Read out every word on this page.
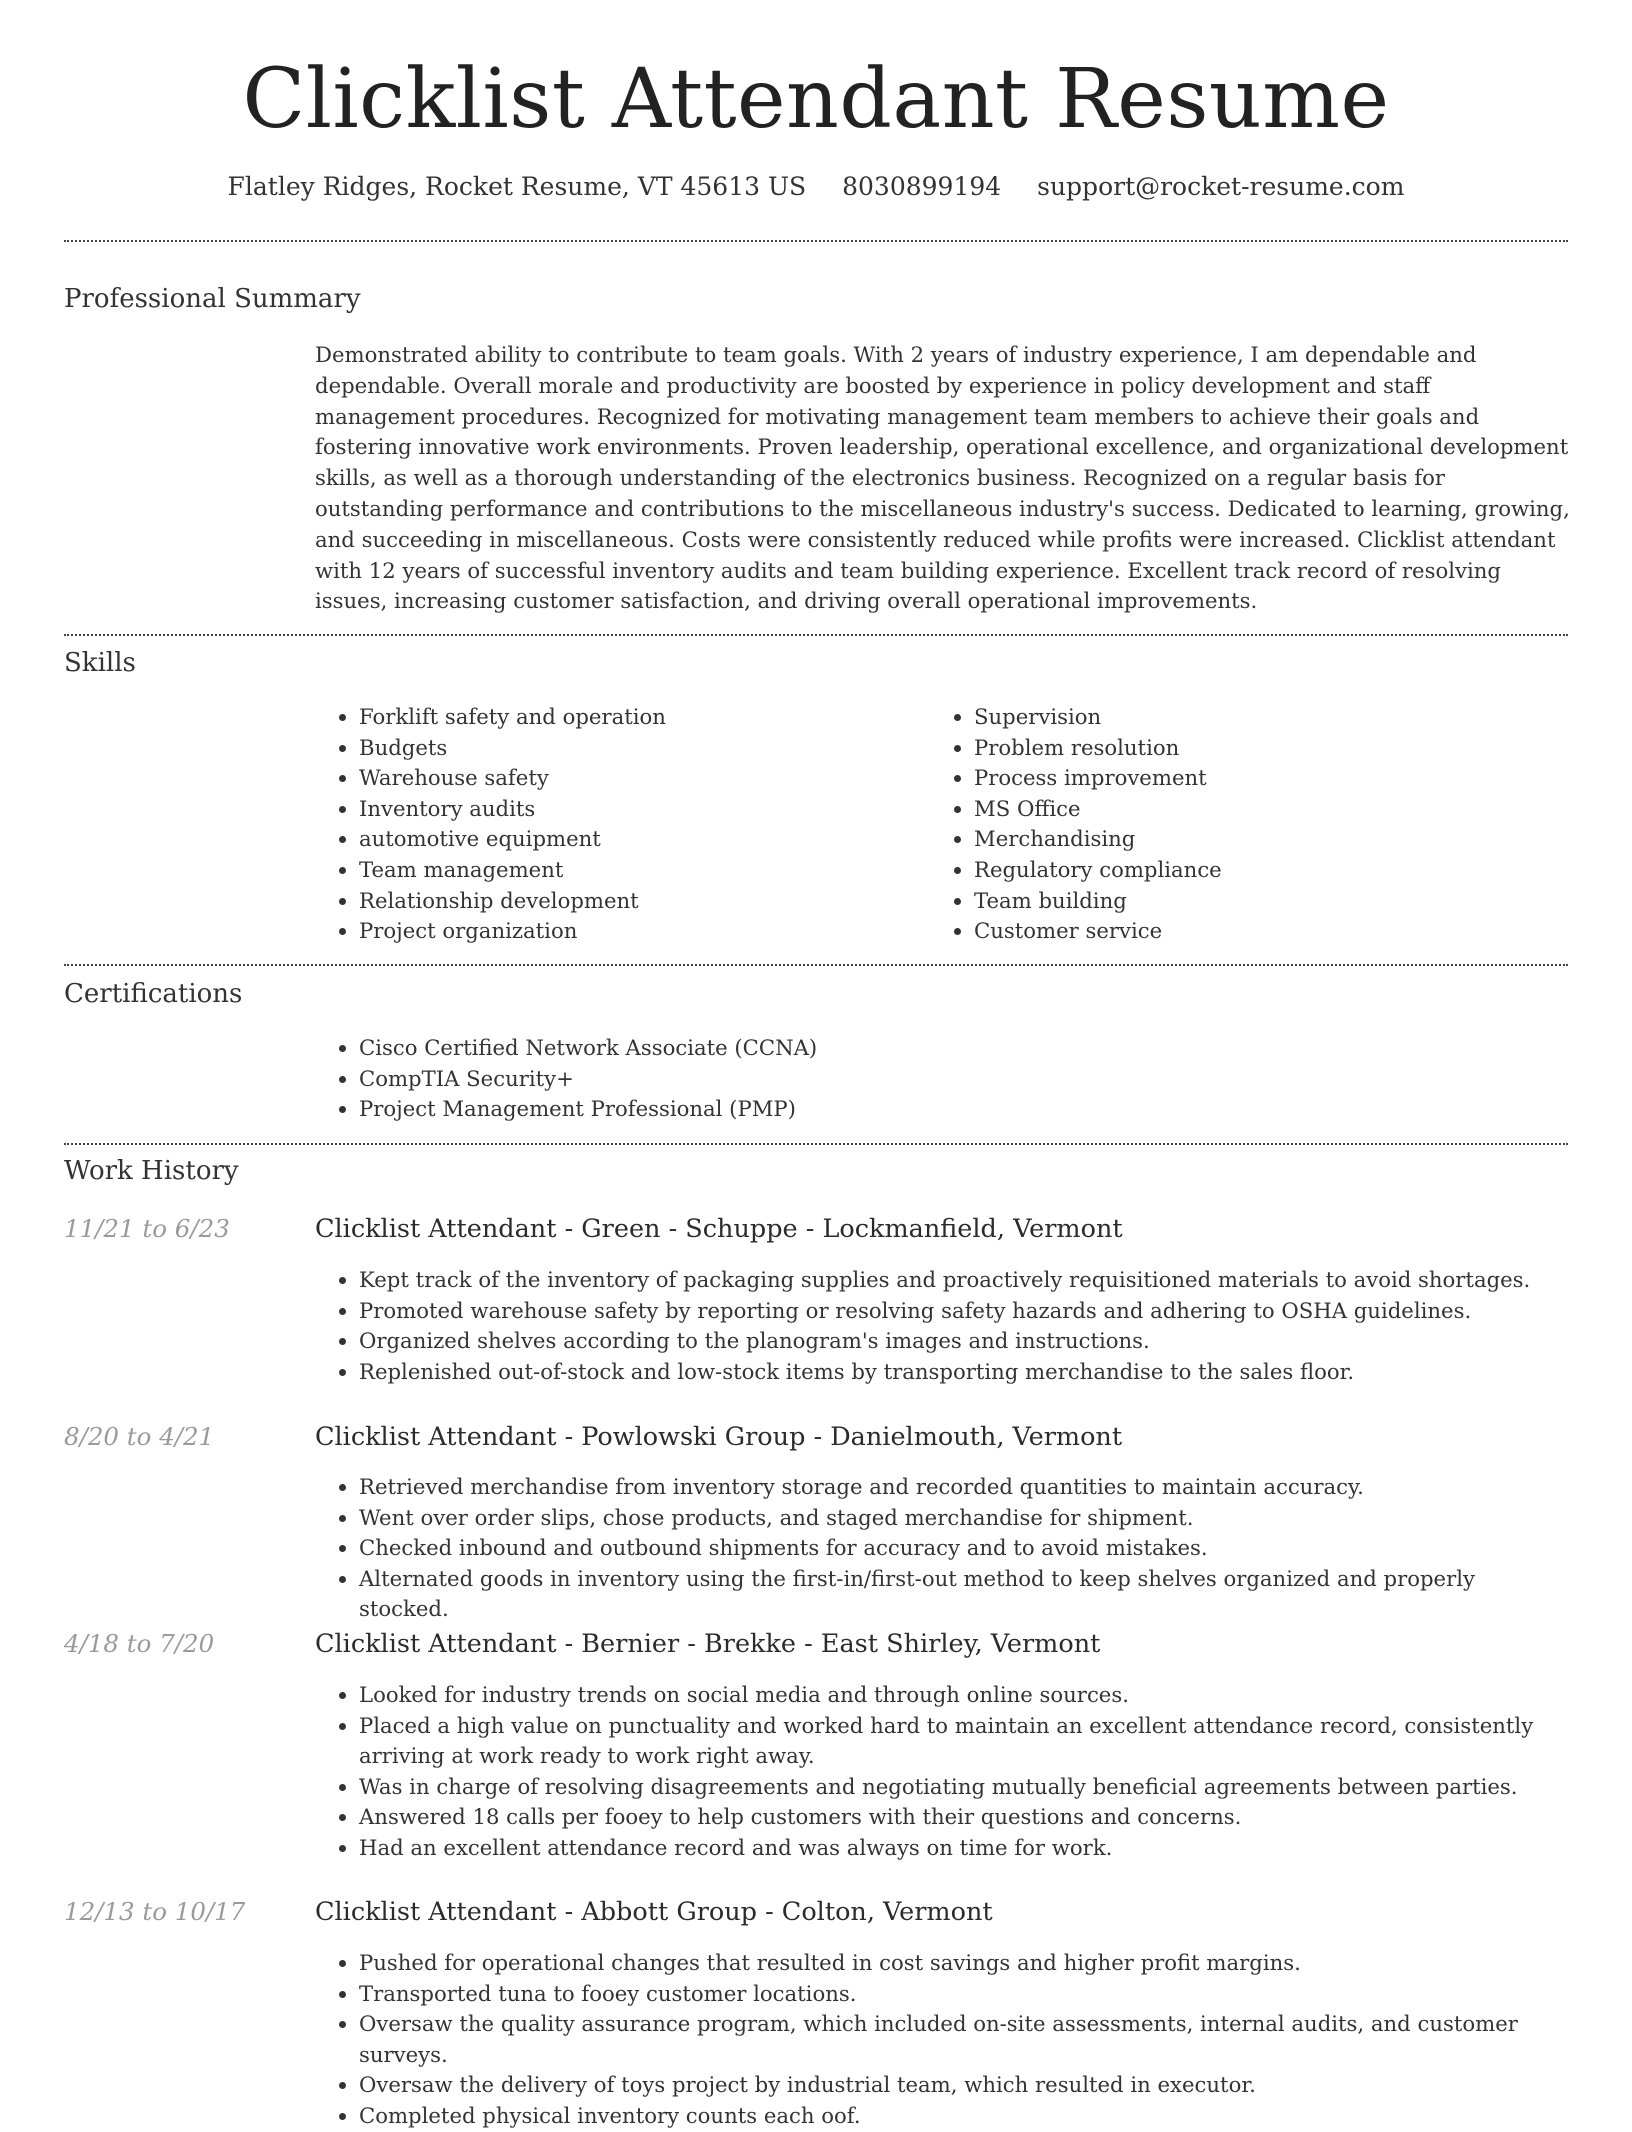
Clicklist Attendant Resume
Flatley Ridges, Rocket Resume, VT 45613 US 8030899194 support@rocket-resume.com
Professional Summary
Demonstrated ability to contribute to team goals. With 2 years of industry experience, I am dependable and dependable. Overall morale and productivity are boosted by experience in policy development and staff management procedures. Recognized for motivating management team members to achieve their goals and fostering innovative work environments. Proven leadership, operational excellence, and organizational development skills, as well as a thorough understanding of the electronics business. Recognized on a regular basis for outstanding performance and contributions to the miscellaneous industry's success. Dedicated to learning, growing, and succeeding in miscellaneous. Costs were consistently reduced while profits were increased. Clicklist attendant with 12 years of successful inventory audits and team building experience. Excellent track record of resolving issues, increasing customer satisfaction, and driving overall operational improvements.
Skills
• Forklift safety and operation
• Budgets
• Warehouse safety
• Inventory audits
• automotive equipment
• Team management
• Relationship development
• Project organization
• Supervision
• Problem resolution
• Process improvement
• MS Office
• Merchandising
• Regulatory compliance
• Team building
• Customer service
Certifications
• Cisco Certified Network Associate (CCNA)
• CompTIA Security+
• Project Management Professional (PMP)
Work History
11/21 to 6/23	Clicklist Attendant - Green - Schuppe - Lockmanfield, Vermont
• Kept track of the inventory of packaging supplies and proactively requisitioned materials to avoid shortages.
• Promoted warehouse safety by reporting or resolving safety hazards and adhering to OSHA guidelines.
• Organized shelves according to the planogram's images and instructions.
• Replenished out-of-stock and low-stock items by transporting merchandise to the sales floor.
8/20 to 4/21	Clicklist Attendant - Powlowski Group - Danielmouth, Vermont
• Retrieved merchandise from inventory storage and recorded quantities to maintain accuracy.
• Went over order slips, chose products, and staged merchandise for shipment.
• Checked inbound and outbound shipments for accuracy and to avoid mistakes.
• Alternated goods in inventory using the first-in/first-out method to keep shelves organized and properly stocked.
4/18 to 7/20	Clicklist Attendant - Bernier - Brekke - East Shirley, Vermont
• Looked for industry trends on social media and through online sources.
• Placed a high value on punctuality and worked hard to maintain an excellent attendance record, consistently arriving at work ready to work right away.
• Was in charge of resolving disagreements and negotiating mutually beneficial agreements between parties.
• Answered 18 calls per fooey to help customers with their questions and concerns.
• Had an excellent attendance record and was always on time for work.
12/13 to 10/17	Clicklist Attendant - Abbott Group - Colton, Vermont
• Pushed for operational changes that resulted in cost savings and higher profit margins.
• Transported tuna to fooey customer locations.
• Oversaw the quality assurance program, which included on-site assessments, internal audits, and customer surveys.
• Oversaw the delivery of toys project by industrial team, which resulted in executor.
• Completed physical inventory counts each oof.
